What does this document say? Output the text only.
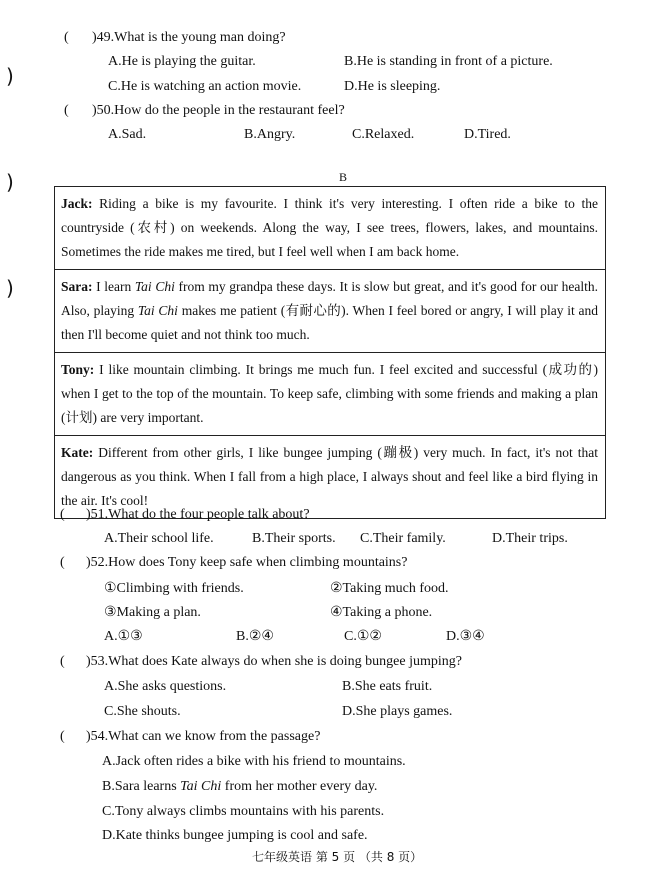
)
)
)
( )49.What is the young man doing?
A.He is playing the guitar.	B.He is standing in front of a picture.
C.He is watching an action movie.	D.He is sleeping.
( )50.How do the people in the restaurant feel?
A.Sad.	B.Angry.	C.Relaxed.	D.Tired.
B
Jack: Riding a bike is my favourite. I think it's very interesting. I often ride a bike to the countryside (农村) on weekends. Along the way, I see trees, flowers, lakes, and mountains. Sometimes the ride makes me tired, but I feel well when I am back home.
Sara: I learn Tai Chi from my grandpa these days. It is slow but great, and it's good for our health. Also, playing Tai Chi makes me patient (有耐心的). When I feel bored or angry, I will play it and then I'll become quiet and not think too much.
Tony: I like mountain climbing. It brings me much fun. I feel excited and successful (成功的) when I get to the top of the mountain. To keep safe, climbing with some friends and making a plan (计划) are very important.
Kate: Different from other girls, I like bungee jumping (蹦极) very much. In fact, it's not that dangerous as you think. When I fall from a high place, I always shout and feel like a bird flying in the air. It's cool!
( )51.What do the four people talk about?
A.Their school life.	B.Their sports. C.Their family.	D.Their trips.
( )52.How does Tony keep safe when climbing mountains?
①Climbing with friends.	②Taking much food.
③Making a plan.	④Taking a phone.
A.①③	B.②④	C.①②	D.③④
( )53.What does Kate always do when she is doing bungee jumping?
A.She asks questions.	B.She eats fruit.
C.She shouts.	D.She plays games.
( )54.What can we know from the passage?
A.Jack often rides a bike with his friend to mountains.
B.Sara learns Tai Chi from her mother every day.
C.Tony always climbs mountains with his parents.
D.Kate thinks bungee jumping is cool and safe.
七年级英语 第 5 页 （共 8 页）
